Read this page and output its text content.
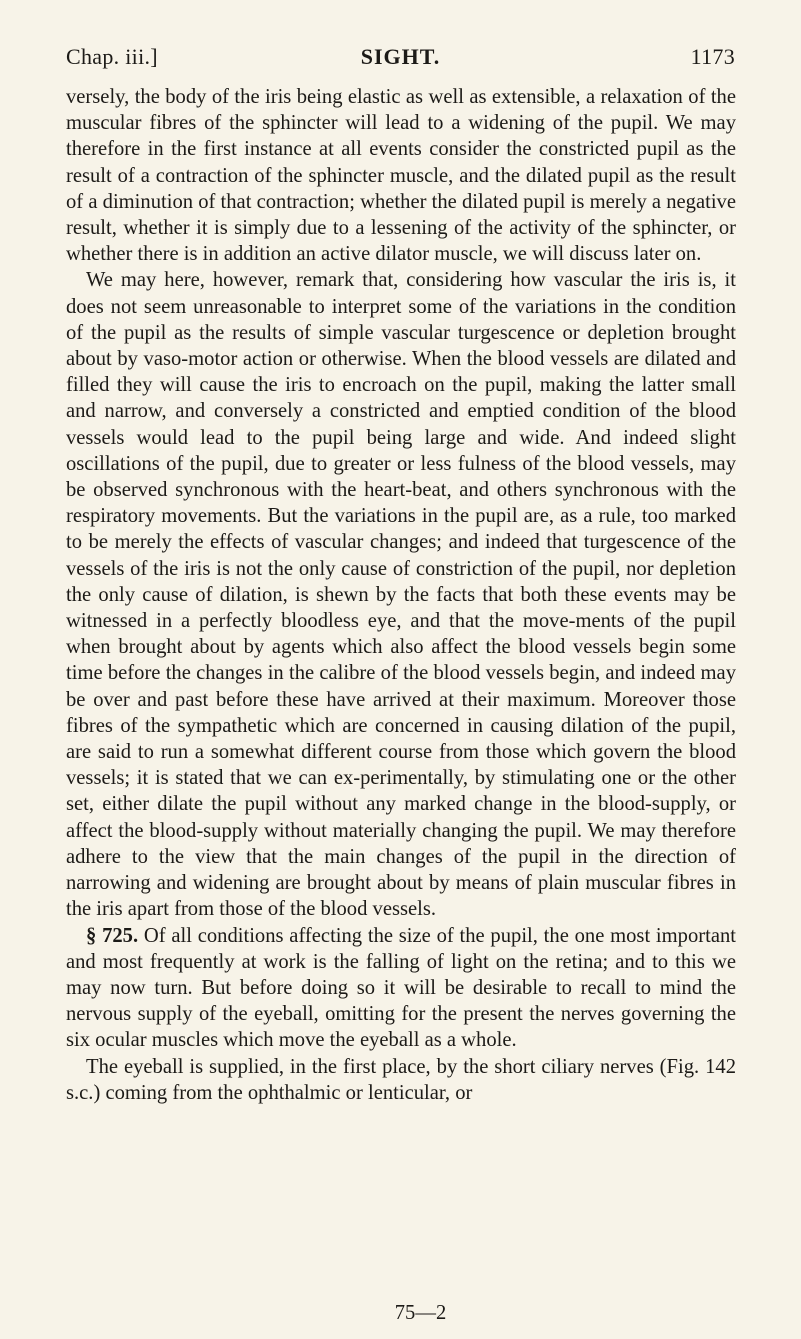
Chap. iii.]	SIGHT.	1173

versely, the body of the iris being elastic as well as extensible, a relaxation of the muscular fibres of the sphincter will lead to a widening of the pupil. We may therefore in the first instance at all events consider the constricted pupil as the result of a contraction of the sphincter muscle, and the dilated pupil as the result of a diminution of that contraction; whether the dilated pupil is merely a negative result, whether it is simply due to a lessening of the activity of the sphincter, or whether there is in addition an active dilator muscle, we will discuss later on.

We may here, however, remark that, considering how vascular the iris is, it does not seem unreasonable to interpret some of the variations in the condition of the pupil as the results of simple vascular turgescence or depletion brought about by vaso-motor action or otherwise. When the blood vessels are dilated and filled they will cause the iris to encroach on the pupil, making the latter small and narrow, and conversely a constricted and emptied condition of the blood vessels would lead to the pupil being large and wide. And indeed slight oscillations of the pupil, due to greater or less fulness of the blood vessels, may be observed synchronous with the heart-beat, and others synchronous with the respiratory movements. But the variations in the pupil are, as a rule, too marked to be merely the effects of vascular changes; and indeed that turgescence of the vessels of the iris is not the only cause of constriction of the pupil, nor depletion the only cause of dilation, is shewn by the facts that both these events may be witnessed in a perfectly bloodless eye, and that the move-ments of the pupil when brought about by agents which also affect the blood vessels begin some time before the changes in the calibre of the blood vessels begin, and indeed may be over and past before these have arrived at their maximum. Moreover those fibres of the sympathetic which are concerned in causing dilation of the pupil, are said to run a somewhat different course from those which govern the blood vessels; it is stated that we can ex-perimentally, by stimulating one or the other set, either dilate the pupil without any marked change in the blood-supply, or affect the blood-supply without materially changing the pupil. We may therefore adhere to the view that the main changes of the pupil in the direction of narrowing and widening are brought about by means of plain muscular fibres in the iris apart from those of the blood vessels.

§ 725. Of all conditions affecting the size of the pupil, the one most important and most frequently at work is the falling of light on the retina; and to this we may now turn. But before doing so it will be desirable to recall to mind the nervous supply of the eyeball, omitting for the present the nerves governing the six ocular muscles which move the eyeball as a whole.

The eyeball is supplied, in the first place, by the short ciliary nerves (Fig. 142 s.c.) coming from the ophthalmic or lenticular, or

75—2
